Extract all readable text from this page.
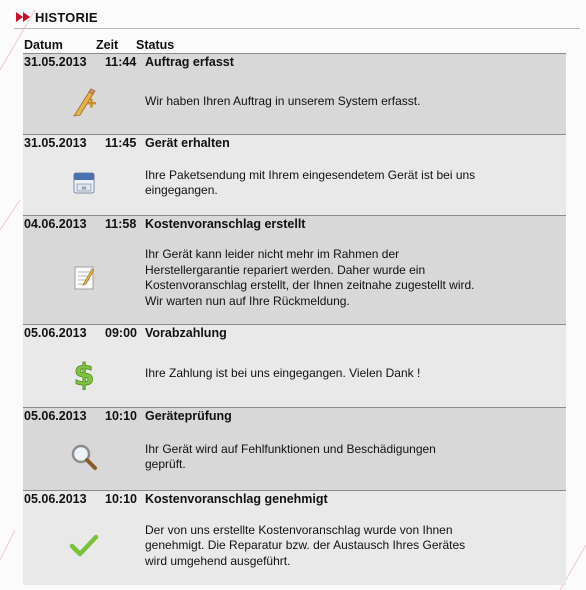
HISTORIE
Datum	Zeit	Status
31.05.2013	11:44 Auftrag erfasst
Wir haben Ihren Auftrag in unserem System erfasst.
31.05.2013	11:45 Gerät erhalten
IN
Ihre Paketsendung mit Ihrem eingesendetem Gerät ist bei uns
eingegangen.
04.06.2013	11:58 Kostenvoranschlag erstellt
Ihr Gerät kann leider nicht mehr im Rahmen der
Herstellergarantie repariert werden. Daher wurde ein
Kostenvoranschlag erstellt, der Ihnen zeitnahe zugestellt wird.
Wir warten nun auf Ihre Rückmeldung.
05.06.2013	09:00 Vorabzahlung
$	Ihre Zahlung ist bei uns eingegangen. Vielen Dank !
05.06.2013	10:10 Geräteprüfung
Ihr Gerät wird auf Fehlfunktionen und Beschädigungen
geprüft.
05.06.2013	10:10 Kostenvoranschlag genehmigt
Der von uns erstellte Kostenvoranschlag wurde von Ihnen
genehmigt. Die Reparatur bzw. der Austausch Ihres Gerätes
wird umgehend ausgeführt.
